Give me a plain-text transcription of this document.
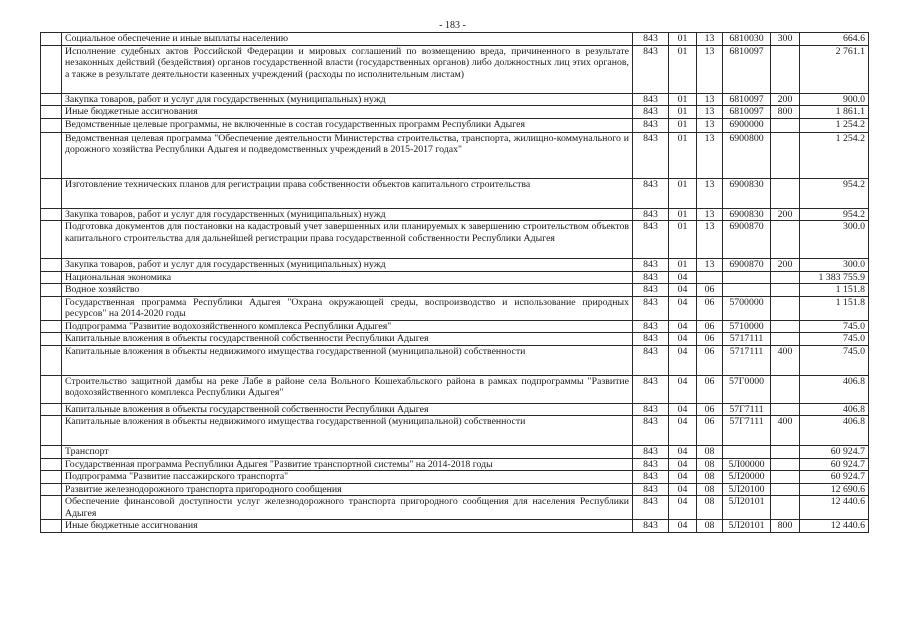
- 183 -
	Социальное обеспечение и иные выплаты населению	843	01	13	6810030	300	664.6
	Исполнение судебных актов Российской Федерации и мировых соглашений по возмещению вреда, причиненного в результате незаконных действий (бездействия) органов государственной власти (государственных органов) либо должностных лиц этих органов, а также в результате деятельности казенных учреждений (расходы по исполнительным листам)	843	01	13	6810097		2 761.1
	Закупка товаров, работ и услуг для государственных (муниципальных) нужд	843	01	13	6810097	200	900.0
	Иные бюджетные ассигнования	843	01	13	6810097	800	1 861.1
	Ведомственные целевые программы, не включенные в состав государственных программ Республики Адыгея	843	01	13	6900000		1 254.2
	Ведомственная целевая программа "Обеспечение деятельности Министерства строительства, транспорта, жилищно-коммунального и дорожного хозяйства Республики Адыгея и подведомственных учреждений в 2015-2017 годах"	843	01	13	6900800		1 254.2
	Изготовление технических планов для регистрации права собственности объектов капитального строительства	843	01	13	6900830		954.2
	Закупка товаров, работ и услуг для государственных (муниципальных) нужд	843	01	13	6900830	200	954.2
	Подготовка документов для постановки на кадастровый учет завершенных или планируемых к завершению строительством объектов капитального строительства для дальнейшей регистрации права государственной собственности Республики Адыгея	843	01	13	6900870		300.0
	Закупка товаров, работ и услуг для государственных (муниципальных) нужд	843	01	13	6900870	200	300.0
	Национальная экономика	843	04				1 383 755.9
	Водное хозяйство	843	04	06			1 151.8
	Государственная программа Республики Адыгея "Охрана окружающей среды, воспроизводство и использование природных ресурсов" на 2014-2020 годы	843	04	06	5700000		1 151.8
	Подпрограмма "Развитие водохозяйственного комплекса Республики Адыгея"	843	04	06	5710000		745.0
	Капитальные вложения в объекты государственной собственности Республики Адыгея	843	04	06	5717111		745.0
	Капитальные вложения в объекты недвижимого имущества государственной (муниципальной) собственности	843	04	06	5717111	400	745.0
	Строительство защитной дамбы на реке Лабе в районе села Вольного Кошехабльского района в рамках подпрограммы "Развитие водохозяйственного комплекса Республики Адыгея"	843	04	06	57Г0000		406.8
	Капитальные вложения в объекты государственной собственности Республики Адыгея	843	04	06	57Г7111		406.8
	Капитальные вложения в объекты недвижимого имущества государственной (муниципальной) собственности	843	04	06	57Г7111	400	406.8
	Транспорт	843	04	08			60 924.7
	Государственная программа Республики Адыгея "Развитие транспортной системы" на 2014-2018 годы	843	04	08	5Л00000		60 924.7
	Подпрограмма "Развитие пассажирского транспорта"	843	04	08	5Л20000		60 924.7
	Развитие железнодорожного транспорта пригородного сообщения	843	04	08	5Л20100		12 690.6
	Обеспечение финансовой доступности услуг железнодорожного транспорта пригородного сообщения для населения Республики Адыгея	843	04	08	5Л20101		12 440.6
	Иные бюджетные ассигнования	843	04	08	5Л20101	800	12 440.6
